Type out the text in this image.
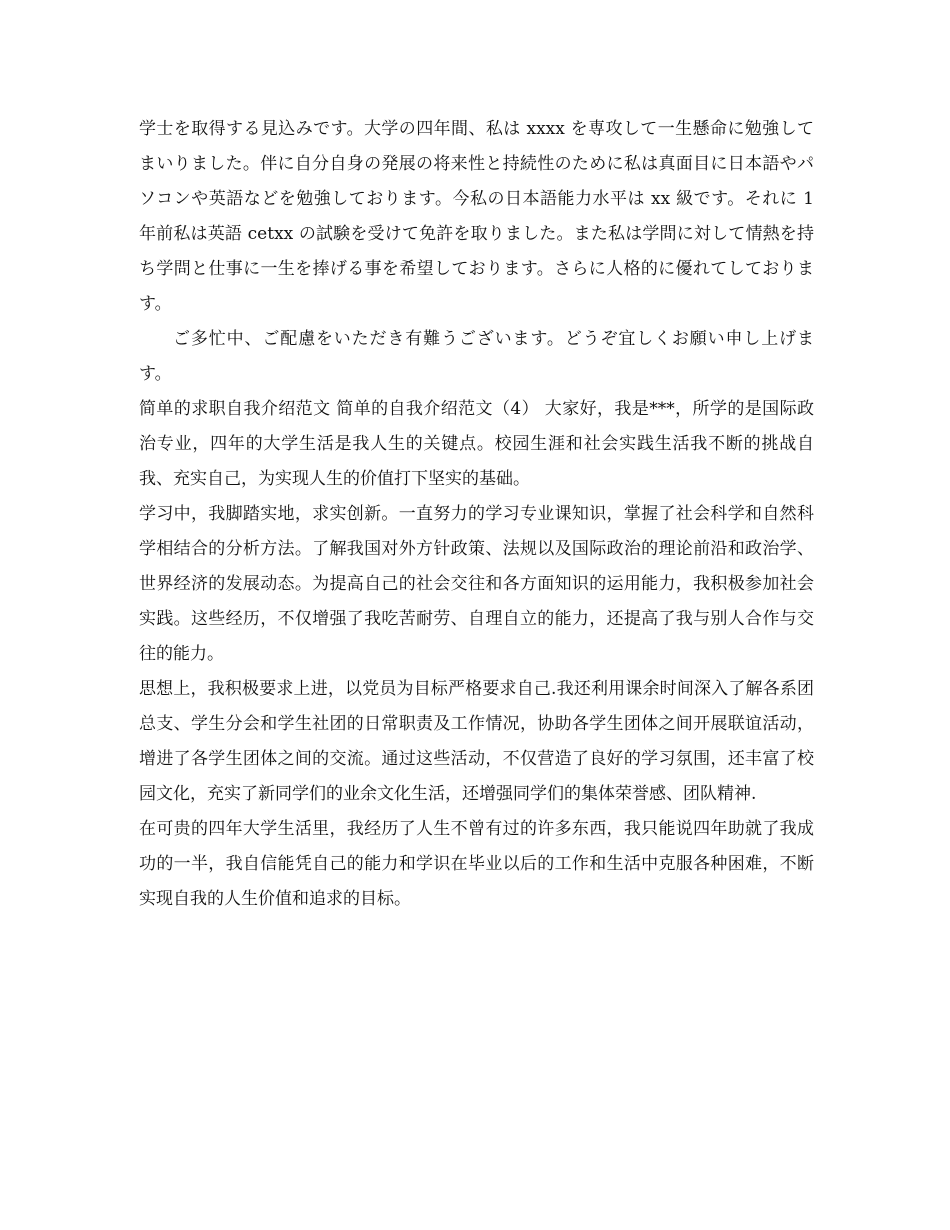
学士を取得する見込みです。大学の四年間、私は xxxx を専攻して一生懸命に勉強してまいりました。伴に自分自身の発展の将来性と持続性のために私は真面目に日本語やパソコンや英語などを勉強しております。今私の日本語能力水平は xx 級です。それに 1 年前私は英語 cetxx の試験を受けて免許を取りました。また私は学問に対して情熱を持ち学問と仕事に一生を捧げる事を希望しております。さらに人格的に優れてしております。

ご多忙中、ご配慮をいただき有難うございます。どうぞ宜しくお願い申し上げます。

简单的求职自我介绍范文 简单的自我介绍范文（4） 大家好，我是***，所学的是国际政治专业，四年的大学生活是我人生的关键点。校园生涯和社会实践生活我不断的挑战自我、充实自己，为实现人生的价值打下坚实的基础。

学习中，我脚踏实地，求实创新。一直努力的学习专业课知识，掌握了社会科学和自然科学相结合的分析方法。了解我国对外方针政策、法规以及国际政治的理论前沿和政治学、世界经济的发展动态。为提高自己的社会交往和各方面知识的运用能力，我积极参加社会实践。这些经历，不仅增强了我吃苦耐劳、自理自立的能力，还提高了我与别人合作与交往的能力。

思想上，我积极要求上进，以党员为目标严格要求自己.我还利用课余时间深入了解各系团总支、学生分会和学生社团的日常职责及工作情况，协助各学生团体之间开展联谊活动，增进了各学生团体之间的交流。通过这些活动，不仅营造了良好的学习氛围，还丰富了校园文化，充实了新同学们的业余文化生活，还增强同学们的集体荣誉感、团队精神.

在可贵的四年大学生活里，我经历了人生不曾有过的许多东西，我只能说四年助就了我成功的一半，我自信能凭自己的能力和学识在毕业以后的工作和生活中克服各种困难，不断实现自我的人生价值和追求的目标。
